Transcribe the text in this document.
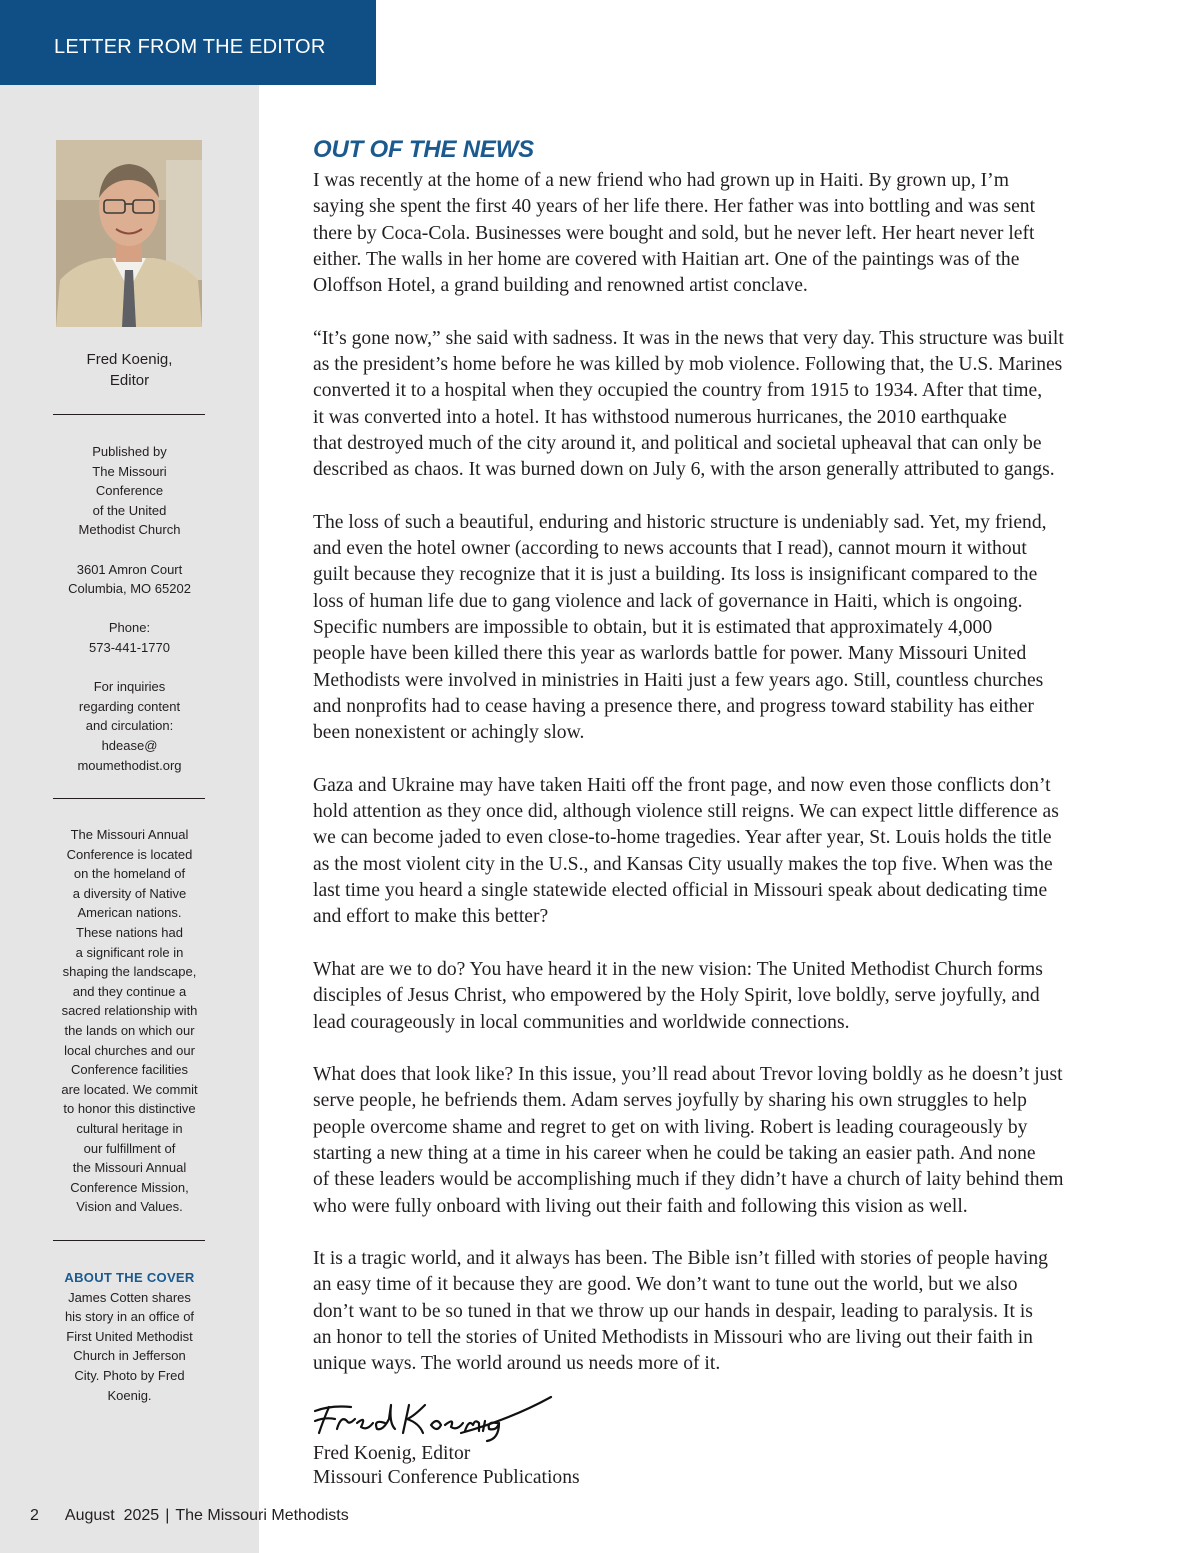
LETTER FROM THE EDITOR
Fred Koenig,
Editor
Published by
The Missouri
Conference
of the United
Methodist Church
3601 Amron Court
Columbia, MO 65202
Phone:
573-441-1770
For inquiries
regarding content
and circulation:
hdease@
moumethodist.org
The Missouri Annual
Conference is located
on the homeland of
a diversity of Native
American nations.
These nations had
a significant role in
shaping the landscape,
and they continue a
sacred relationship with
the lands on which our
local churches and our
Conference facilities
are located. We commit
to honor this distinctive
cultural heritage in
our fulfillment of
the Missouri Annual
Conference Mission,
Vision and Values.
ABOUT THE COVER
James Cotten shares
his story in an office of
First United Methodist
Church in Jefferson
City. Photo by Fred
Koenig.
OUT OF THE NEWS

I was recently at the home of a new friend who had grown up in Haiti. By grown up, I’m
saying she spent the first 40 years of her life there. Her father was into bottling and was sent
there by Coca-Cola. Businesses were bought and sold, but he never left. Her heart never left
either. The walls in her home are covered with Haitian art. One of the paintings was of the
Oloffson Hotel, a grand building and renowned artist conclave.

“It’s gone now,” she said with sadness. It was in the news that very day. This structure was built
as the president’s home before he was killed by mob violence. Following that, the U.S. Marines
converted it to a hospital when they occupied the country from 1915 to 1934. After that time,
it was converted into a hotel. It has withstood numerous hurricanes, the 2010 earthquake
that destroyed much of the city around it, and political and societal upheaval that can only be
described as chaos. It was burned down on July 6, with the arson generally attributed to gangs.

The loss of such a beautiful, enduring and historic structure is undeniably sad. Yet, my friend,
and even the hotel owner (according to news accounts that I read), cannot mourn it without
guilt because they recognize that it is just a building. Its loss is insignificant compared to the
loss of human life due to gang violence and lack of governance in Haiti, which is ongoing.
Specific numbers are impossible to obtain, but it is estimated that approximately 4,000
people have been killed there this year as warlords battle for power. Many Missouri United
Methodists were involved in ministries in Haiti just a few years ago. Still, countless churches
and nonprofits had to cease having a presence there, and progress toward stability has either
been nonexistent or achingly slow.

Gaza and Ukraine may have taken Haiti off the front page, and now even those conflicts don’t
hold attention as they once did, although violence still reigns. We can expect little difference as
we can become jaded to even close-to-home tragedies. Year after year, St. Louis holds the title
as the most violent city in the U.S., and Kansas City usually makes the top five. When was the
last time you heard a single statewide elected official in Missouri speak about dedicating time
and effort to make this better?

What are we to do? You have heard it in the new vision: The United Methodist Church forms
disciples of Jesus Christ, who empowered by the Holy Spirit, love boldly, serve joyfully, and
lead courageously in local communities and worldwide connections.

What does that look like? In this issue, you’ll read about Trevor loving boldly as he doesn’t just
serve people, he befriends them. Adam serves joyfully by sharing his own struggles to help
people overcome shame and regret to get on with living. Robert is leading courageously by
starting a new thing at a time in his career when he could be taking an easier path. And none
of these leaders would be accomplishing much if they didn’t have a church of laity behind them
who were fully onboard with living out their faith and following this vision as well.

It is a tragic world, and it always has been. The Bible isn’t filled with stories of people having
an easy time of it because they are good. We don’t want to tune out the world, but we also
don’t want to be so tuned in that we throw up our hands in despair, leading to paralysis. It is
an honor to tell the stories of United Methodists in Missouri who are living out their faith in
unique ways. The world around us needs more of it.

Fred Koenig, Editor
Missouri Conference Publications
2 August  2025 | The Missouri Methodists
